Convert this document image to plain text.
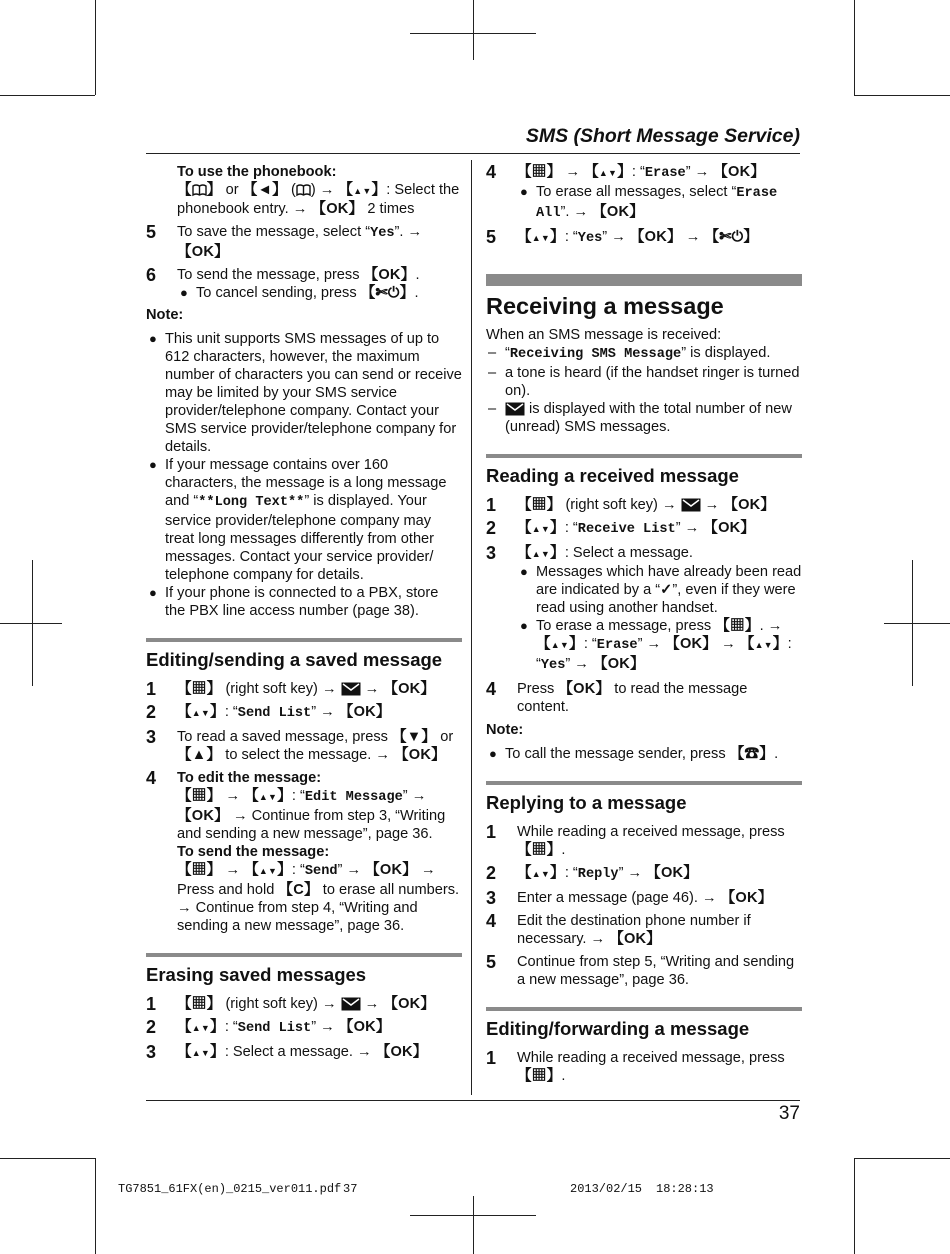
SMS (Short Message Service)
To use the phonebook:
【 】 or 【◄】 ( ) → 【▲▼】: Select the phonebook entry. → 【OK】 2 times
5 To save the message, select “Yes”. → 【OK】
6 To send the message, press 【OK】.
● To cancel sending, press 【✄⏻】.
Note:
● This unit supports SMS messages of up to 612 characters, however, the maximum number of characters you can send or receive may be limited by your SMS service provider/telephone company. Contact your SMS service provider/telephone company for details.
● If your message contains over 160 characters, the message is a long message and “**Long Text**” is displayed. Your service provider/telephone company may treat long messages differently from other messages. Contact your service provider/ telephone company for details.
● If your phone is connected to a PBX, store the PBX line access number (page 38).
Editing/sending a saved message
1 【▦】 (right soft key) →  → 【OK】
2 【▲▼】: “Send List” → 【OK】
3 To read a saved message, press 【▼】 or 【▲】 to select the message. → 【OK】
4 To edit the message:
【▦】 → 【▲▼】: “Edit Message” → 【OK】 → Continue from step 3, “Writing and sending a new message”, page 36.
To send the message:
【▦】 → 【▲▼】: “Send” → 【OK】 → Press and hold 【C】 to erase all numbers. → Continue from step 4, “Writing and sending a new message”, page 36.
Erasing saved messages
1 【▦】 (right soft key) →  → 【OK】
2 【▲▼】: “Send List” → 【OK】
3 【▲▼】: Select a message. → 【OK】
4 【▦】 → 【▲▼】: “Erase” → 【OK】
● To erase all messages, select “Erase All”. → 【OK】
5 【▲▼】: “Yes” → 【OK】 → 【✄⏻】
Receiving a message
When an SMS message is received:
– “Receiving SMS Message” is displayed.
– a tone is heard (if the handset ringer is turned on).
– is displayed with the total number of new (unread) SMS messages.
Reading a received message
1 【▦】 (right soft key) →  → 【OK】
2 【▲▼】: “Receive List” → 【OK】
3 【▲▼】: Select a message.
● Messages which have already been read are indicated by a “✓”, even if they were read using another handset.
● To erase a message, press 【▦】. → 【▲▼】: “Erase” → 【OK】 → 【▲▼】: “Yes” → 【OK】
4 Press 【OK】 to read the message content.
Note:
● To call the message sender, press 【☎】.
Replying to a message
1 While reading a received message, press 【▦】.
2 【▲▼】: “Reply” → 【OK】
3 Enter a message (page 46). → 【OK】
4 Edit the destination phone number if necessary. → 【OK】
5 Continue from step 5, “Writing and sending a new message”, page 36.
Editing/forwarding a message
1 While reading a received message, press 【▦】.
37
TG7851_61FX(en)_0215_ver011.pdf 37	2013/02/15 18:28:13
